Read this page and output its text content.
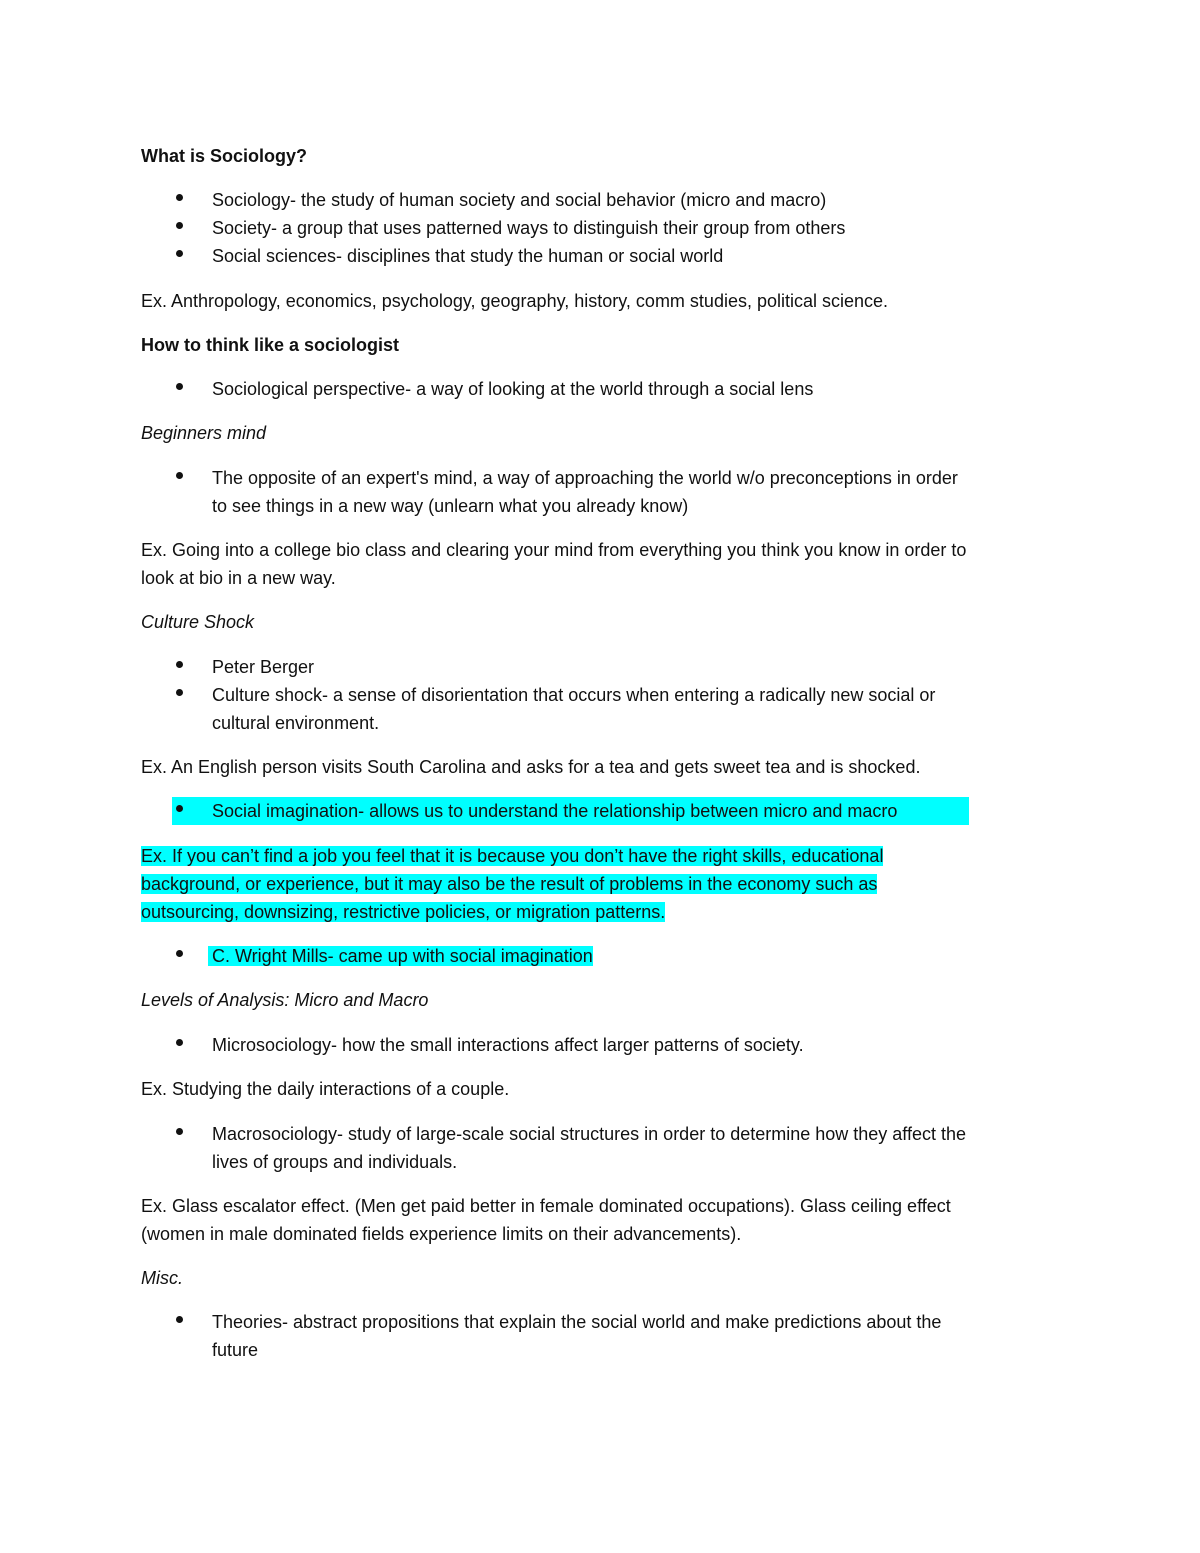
What is Sociology?
Sociology- the study of human society and social behavior (micro and macro)
Society- a group that uses patterned ways to distinguish their group from others
Social sciences- disciplines that study the human or social world
Ex. Anthropology, economics, psychology, geography, history, comm studies, political science.
How to think like a sociologist
Sociological perspective- a way of looking at the world through a social lens
Beginners mind
The opposite of an expert's mind, a way of approaching the world w/o preconceptions in order
to see things in a new way (unlearn what you already know)
Ex. Going into a college bio class and clearing your mind from everything you think you know in order to
look at bio in a new way.
Culture Shock
Peter Berger
Culture shock- a sense of disorientation that occurs when entering a radically new social or
cultural environment.
Ex. An English person visits South Carolina and asks for a tea and gets sweet tea and is shocked.
Social imagination- allows us to understand the relationship between micro and macro
Ex. If you can’t find a job you feel that it is because you don’t have the right skills, educational
background, or experience, but it may also be the result of problems in the economy such as
outsourcing, downsizing, restrictive policies, or migration patterns.
C. Wright Mills- came up with social imagination
Levels of Analysis: Micro and Macro
Microsociology- how the small interactions affect larger patterns of society.
Ex. Studying the daily interactions of a couple.
Macrosociology- study of large-scale social structures in order to determine how they affect the
lives of groups and individuals.
Ex. Glass escalator effect. (Men get paid better in female dominated occupations). Glass ceiling effect
(women in male dominated fields experience limits on their advancements).
Misc.
Theories- abstract propositions that explain the social world and make predictions about the
future
